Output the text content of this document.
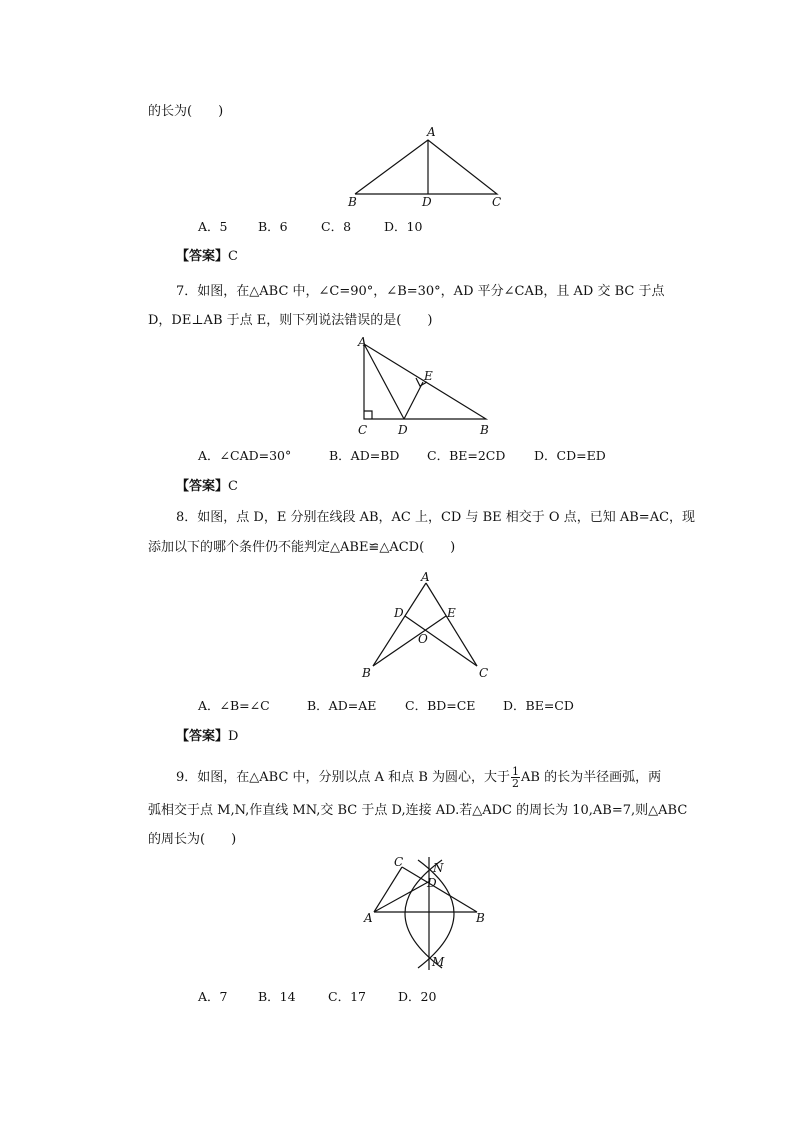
的长为(　　)
A
B	D	C
A．5 B．6	C．8	D．10
【答案】C
7．如图，在△ABC 中，∠C=90°，∠B=30°，AD 平分∠CAB，且 AD 交 BC 于点
D，DE⊥AB 于点 E，则下列说法错误的是(　　)
A
E
C	D	B
A．∠CAD=30°	B．AD=BD C．BE=2CD D．CD=ED
【答案】C
8．如图，点 D，E 分别在线段 AB，AC 上，CD 与 BE 相交于 O 点，已知 AB=AC，现
添加以下的哪个条件仍不能判定△ABE≌△ACD(　　)
A
D	E
O
B	C
A．∠B=∠C	B．AD=AE C．BD=CE D．BE=CD
【答案】D
9．如图，在△ABC 中，分别以点 A 和点 B 为圆心，大于 $\frac{1}{2}$ AB 的长为半径画弧，两
弧相交于点 M,N,作直线 MN,交 BC 于点 D,连接 AD.若△ADC 的周长为 10,AB=7,则△ABC
的周长为(　　)
C N
D
A	B
M
A．7 B．14	C．17	D．20
